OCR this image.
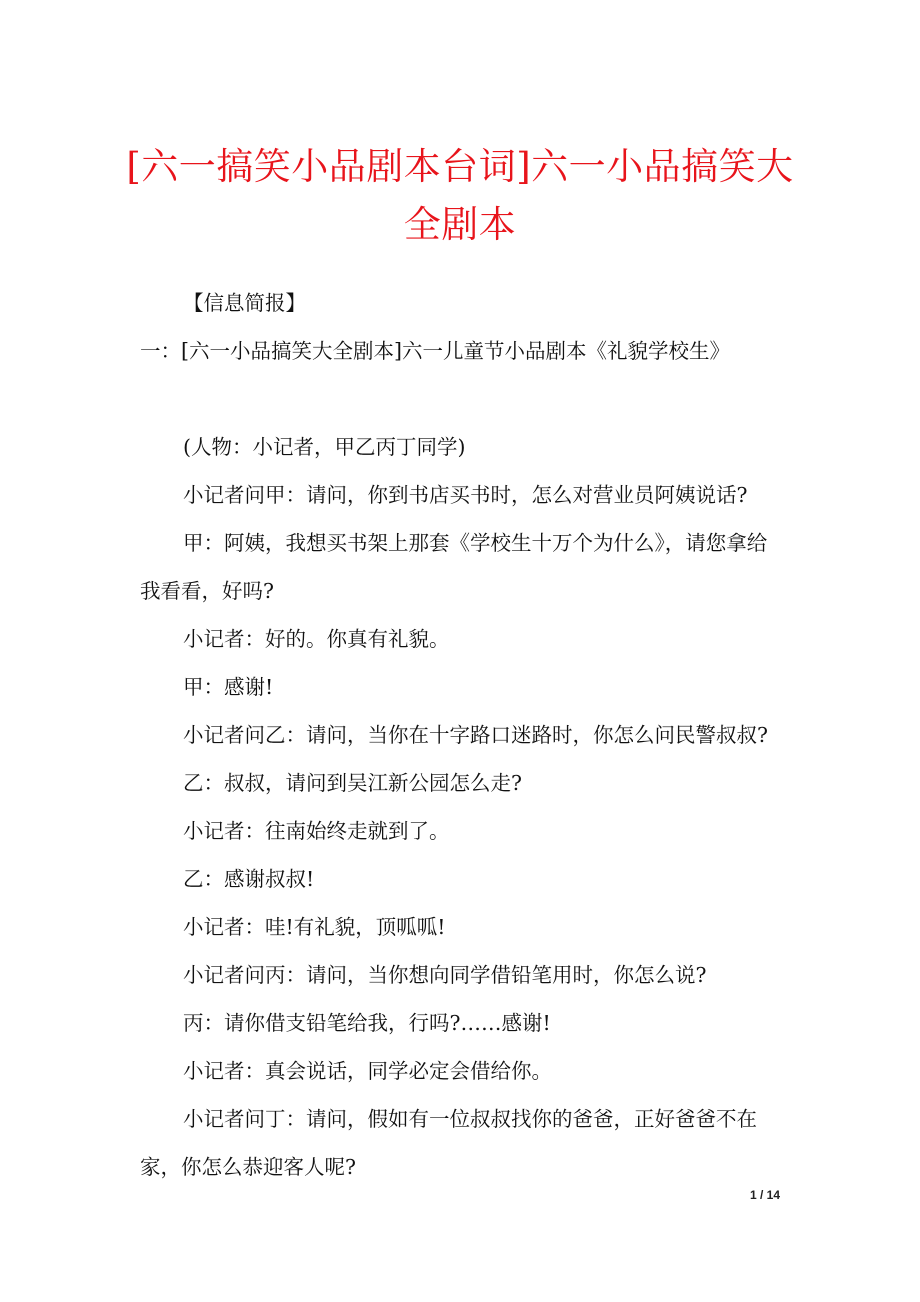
[六一搞笑小品剧本台词]六一小品搞笑大
全剧本

【信息简报】

一：[六一小品搞笑大全剧本]六一儿童节小品剧本《礼貌学校生》

(人物：小记者，甲乙丙丁同学)

小记者问甲：请问，你到书店买书时，怎么对营业员阿姨说话?

甲：阿姨，我想买书架上那套《学校生十万个为什么》，请您拿给我看看，好吗?

小记者：好的。你真有礼貌。

甲：感谢!

小记者问乙：请问，当你在十字路口迷路时，你怎么问民警叔叔?

乙：叔叔，请问到吴江新公园怎么走?

小记者：往南始终走就到了。

乙：感谢叔叔!

小记者：哇!有礼貌，顶呱呱!

小记者问丙：请问，当你想向同学借铅笔用时，你怎么说?

丙：请你借支铅笔给我，行吗?……感谢!

小记者：真会说话，同学必定会借给你。

小记者问丁：请问，假如有一位叔叔找你的爸爸，正好爸爸不在家，你怎么恭迎客人呢?

1 / 14
